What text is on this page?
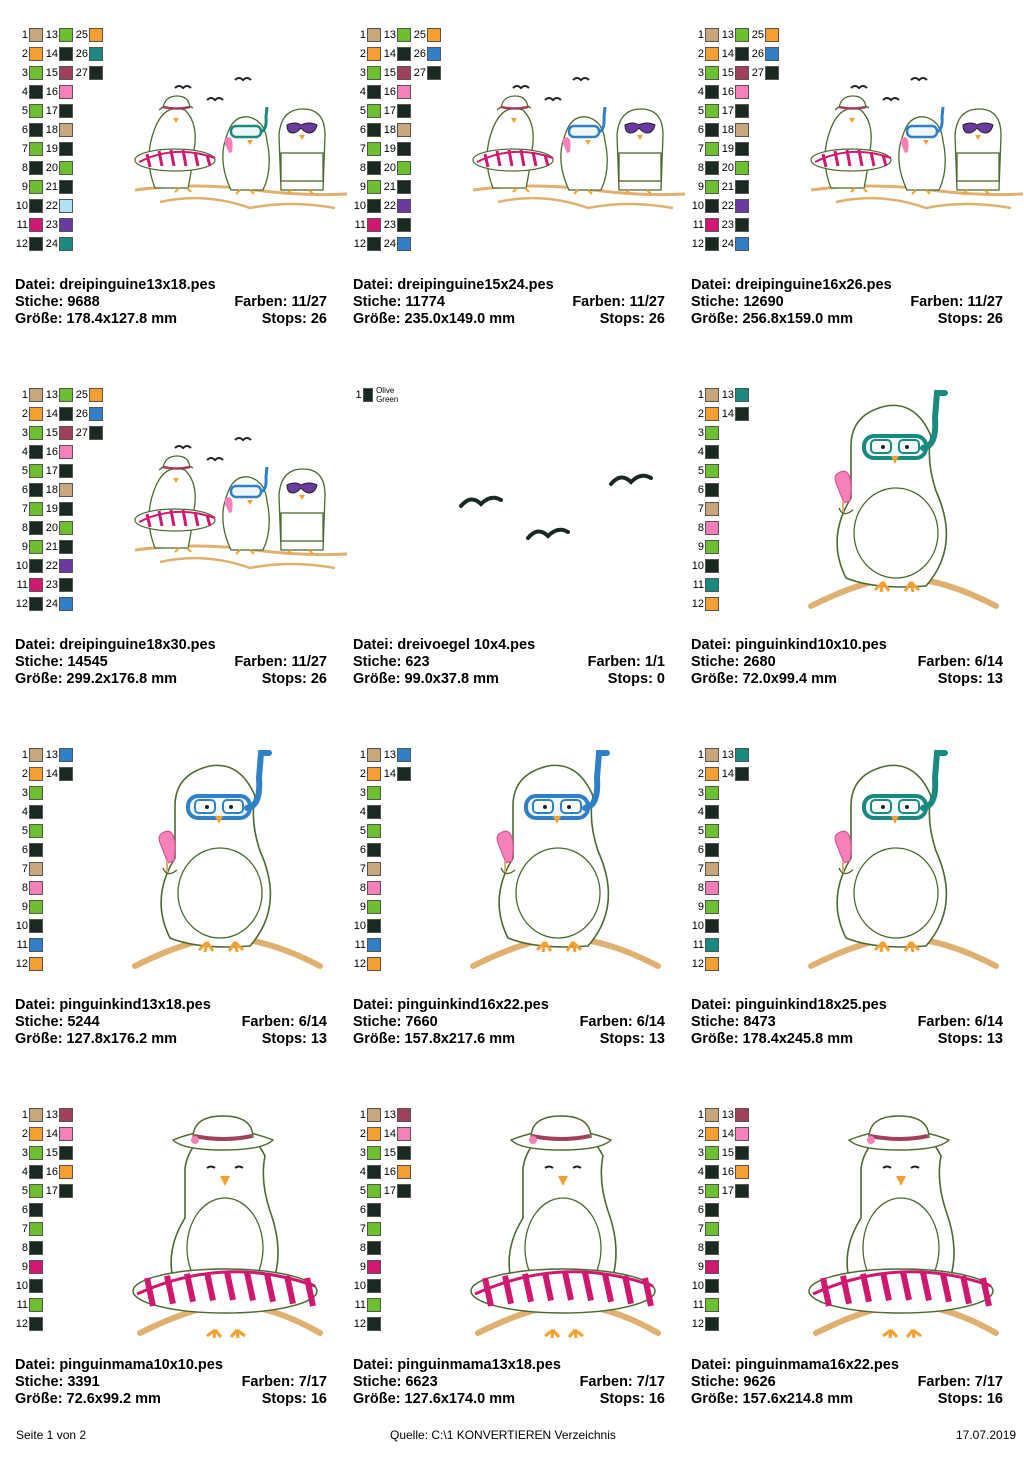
1 13 25
2 14 26
3 15 27
4 16
5 17
6 18
7 19
8 20
9 21
10 22
11 23
12 24
Datei: dreipinguine13x18.pes
Stiche: 9688	Farben: 11/27
Größe: 178.4x127.8 mm	Stops: 26
1 13 25
2 14 26
3 15 27
4 16
5 17
6 18
7 19
8 20
9 21
10 22
11 23
12 24
Datei: dreipinguine15x24.pes
Stiche: 11774	Farben: 11/27
Größe: 235.0x149.0 mm	Stops: 26
1 13 25
2 14 26
3 15 27
4 16
5 17
6 18
7 19
8 20
9 21
10 22
11 23
12 24
Datei: dreipinguine16x26.pes
Stiche: 12690	Farben: 11/27
Größe: 256.8x159.0 mm	Stops: 26
1 13 25
2 14 26
3 15 27
4 16
5 17
6 18
7 19
8 20
9 21
10 22
11 23
12 24
Datei: dreipinguine18x30.pes
Stiche: 14545	Farben: 11/27
Größe: 299.2x176.8 mm	Stops: 26
1 Olive Green
Datei: dreivoegel 10x4.pes
Stiche: 623	Farben: 1/1
Größe: 99.0x37.8 mm	Stops: 0
1 13
2 14
3
4
5
6
7
8
9
10
11
12
Datei: pinguinkind10x10.pes
Stiche: 2680	Farben: 6/14
Größe: 72.0x99.4 mm	Stops: 13
1 13
2 14
3
4
5
6
7
8
9
10
11
12
Datei: pinguinkind13x18.pes
Stiche: 5244	Farben: 6/14
Größe: 127.8x176.2 mm	Stops: 13
1 13
2 14
3
4
5
6
7
8
9
10
11
12
Datei: pinguinkind16x22.pes
Stiche: 7660	Farben: 6/14
Größe: 157.8x217.6 mm	Stops: 13
1 13
2 14
3
4
5
6
7
8
9
10
11
12
Datei: pinguinkind18x25.pes
Stiche: 8473	Farben: 6/14
Größe: 178.4x245.8 mm	Stops: 13
1 13
2 14
3 15
4 16
5 17
6
7
8
9
10
11
12
Datei: pinguinmama10x10.pes
Stiche: 3391	Farben: 7/17
Größe: 72.6x99.2 mm	Stops: 16
1 13
2 14
3 15
4 16
5 17
6
7
8
9
10
11
12
Datei: pinguinmama13x18.pes
Stiche: 6623	Farben: 7/17
Größe: 127.6x174.0 mm	Stops: 16
1 13
2 14
3 15
4 16
5 17
6
7
8
9
10
11
12
Datei: pinguinmama16x22.pes
Stiche: 9626	Farben: 7/17
Größe: 157.6x214.8 mm	Stops: 16
Seite 1 von 2	Quelle: C:\1 KONVERTIEREN Verzeichnis	17.07.2019
